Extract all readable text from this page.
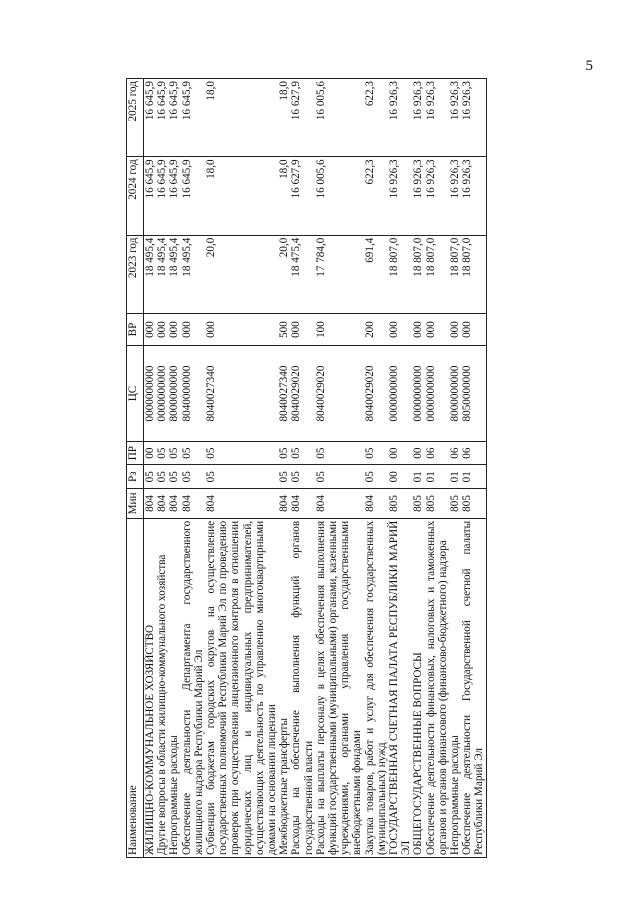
5
Наименование	Мин	Рз	ПР	ЦС	ВР	2023 год	2024 год	2025 год
ЖИЛИЩНО-КОММУНАЛЬНОЕ ХОЗЯЙСТВО	804	05	00	0000000000	000	18 495,4	16 645,9	16 645,9
Другие вопросы в области жилищно-коммунального хозяйства	804	05	05	0000000000	000	18 495,4	16 645,9	16 645,9
Непрограммные расходы	804	05	05	8000000000	000	18 495,4	16 645,9	16 645,9
Обеспечение деятельности Департамента государственного жилищного надзора Республики Марий Эл	804	05	05	8040000000	000	18 495,4	16 645,9	16 645,9
Субвенции бюджетам городских округов на осуществление государственных полномочий Республики Марий Эл по проведению проверок при осуществлении лицензионного контроля в отношении юридических лиц и индивидуальных предпринимателей, осуществляющих деятельность по управлению многоквартирными домами на основании лицензии	804	05	05	8040027340	000	20,0	18,0	18,0
Межбюджетные трансферты	804	05	05	8040027340	500	20,0	18,0	18,0
Расходы на обеспечение выполнения функций органов государственной власти	804	05	05	8040029020	000	18 475,4	16 627,9	16 627,9
Расходы на выплаты персоналу в целях обеспечения выполнения функций государственными (муниципальными) органами, казенными учреждениями, органами управления государственными внебюджетными фондами	804	05	05	8040029020	100	17 784,0	16 005,6	16 005,6
Закупка товаров, работ и услуг для обеспечения государственных (муниципальных) нужд	804	05	05	8040029020	200	691,4	622,3	622,3
ГОСУДАРСТВЕННАЯ СЧЕТНАЯ ПАЛАТА РЕСПУБЛИКИ МАРИЙ ЭЛ	805	00	00	0000000000	000	18 807,0	16 926,3	16 926,3
ОБЩЕГОСУДАРСТВЕННЫЕ ВОПРОСЫ	805	01	00	0000000000	000	18 807,0	16 926,3	16 926,3
Обеспечение деятельности финансовых, налоговых и таможенных органов и органов финансового (финансово-бюджетного) надзора	805	01	06	0000000000	000	18 807,0	16 926,3	16 926,3
Непрограммные расходы	805	01	06	8000000000	000	18 807,0	16 926,3	16 926,3
Обеспечение деятельности Государственной счетной палаты Республики Марий Эл	805	01	06	8050000000	000	18 807,0	16 926,3	16 926,3
